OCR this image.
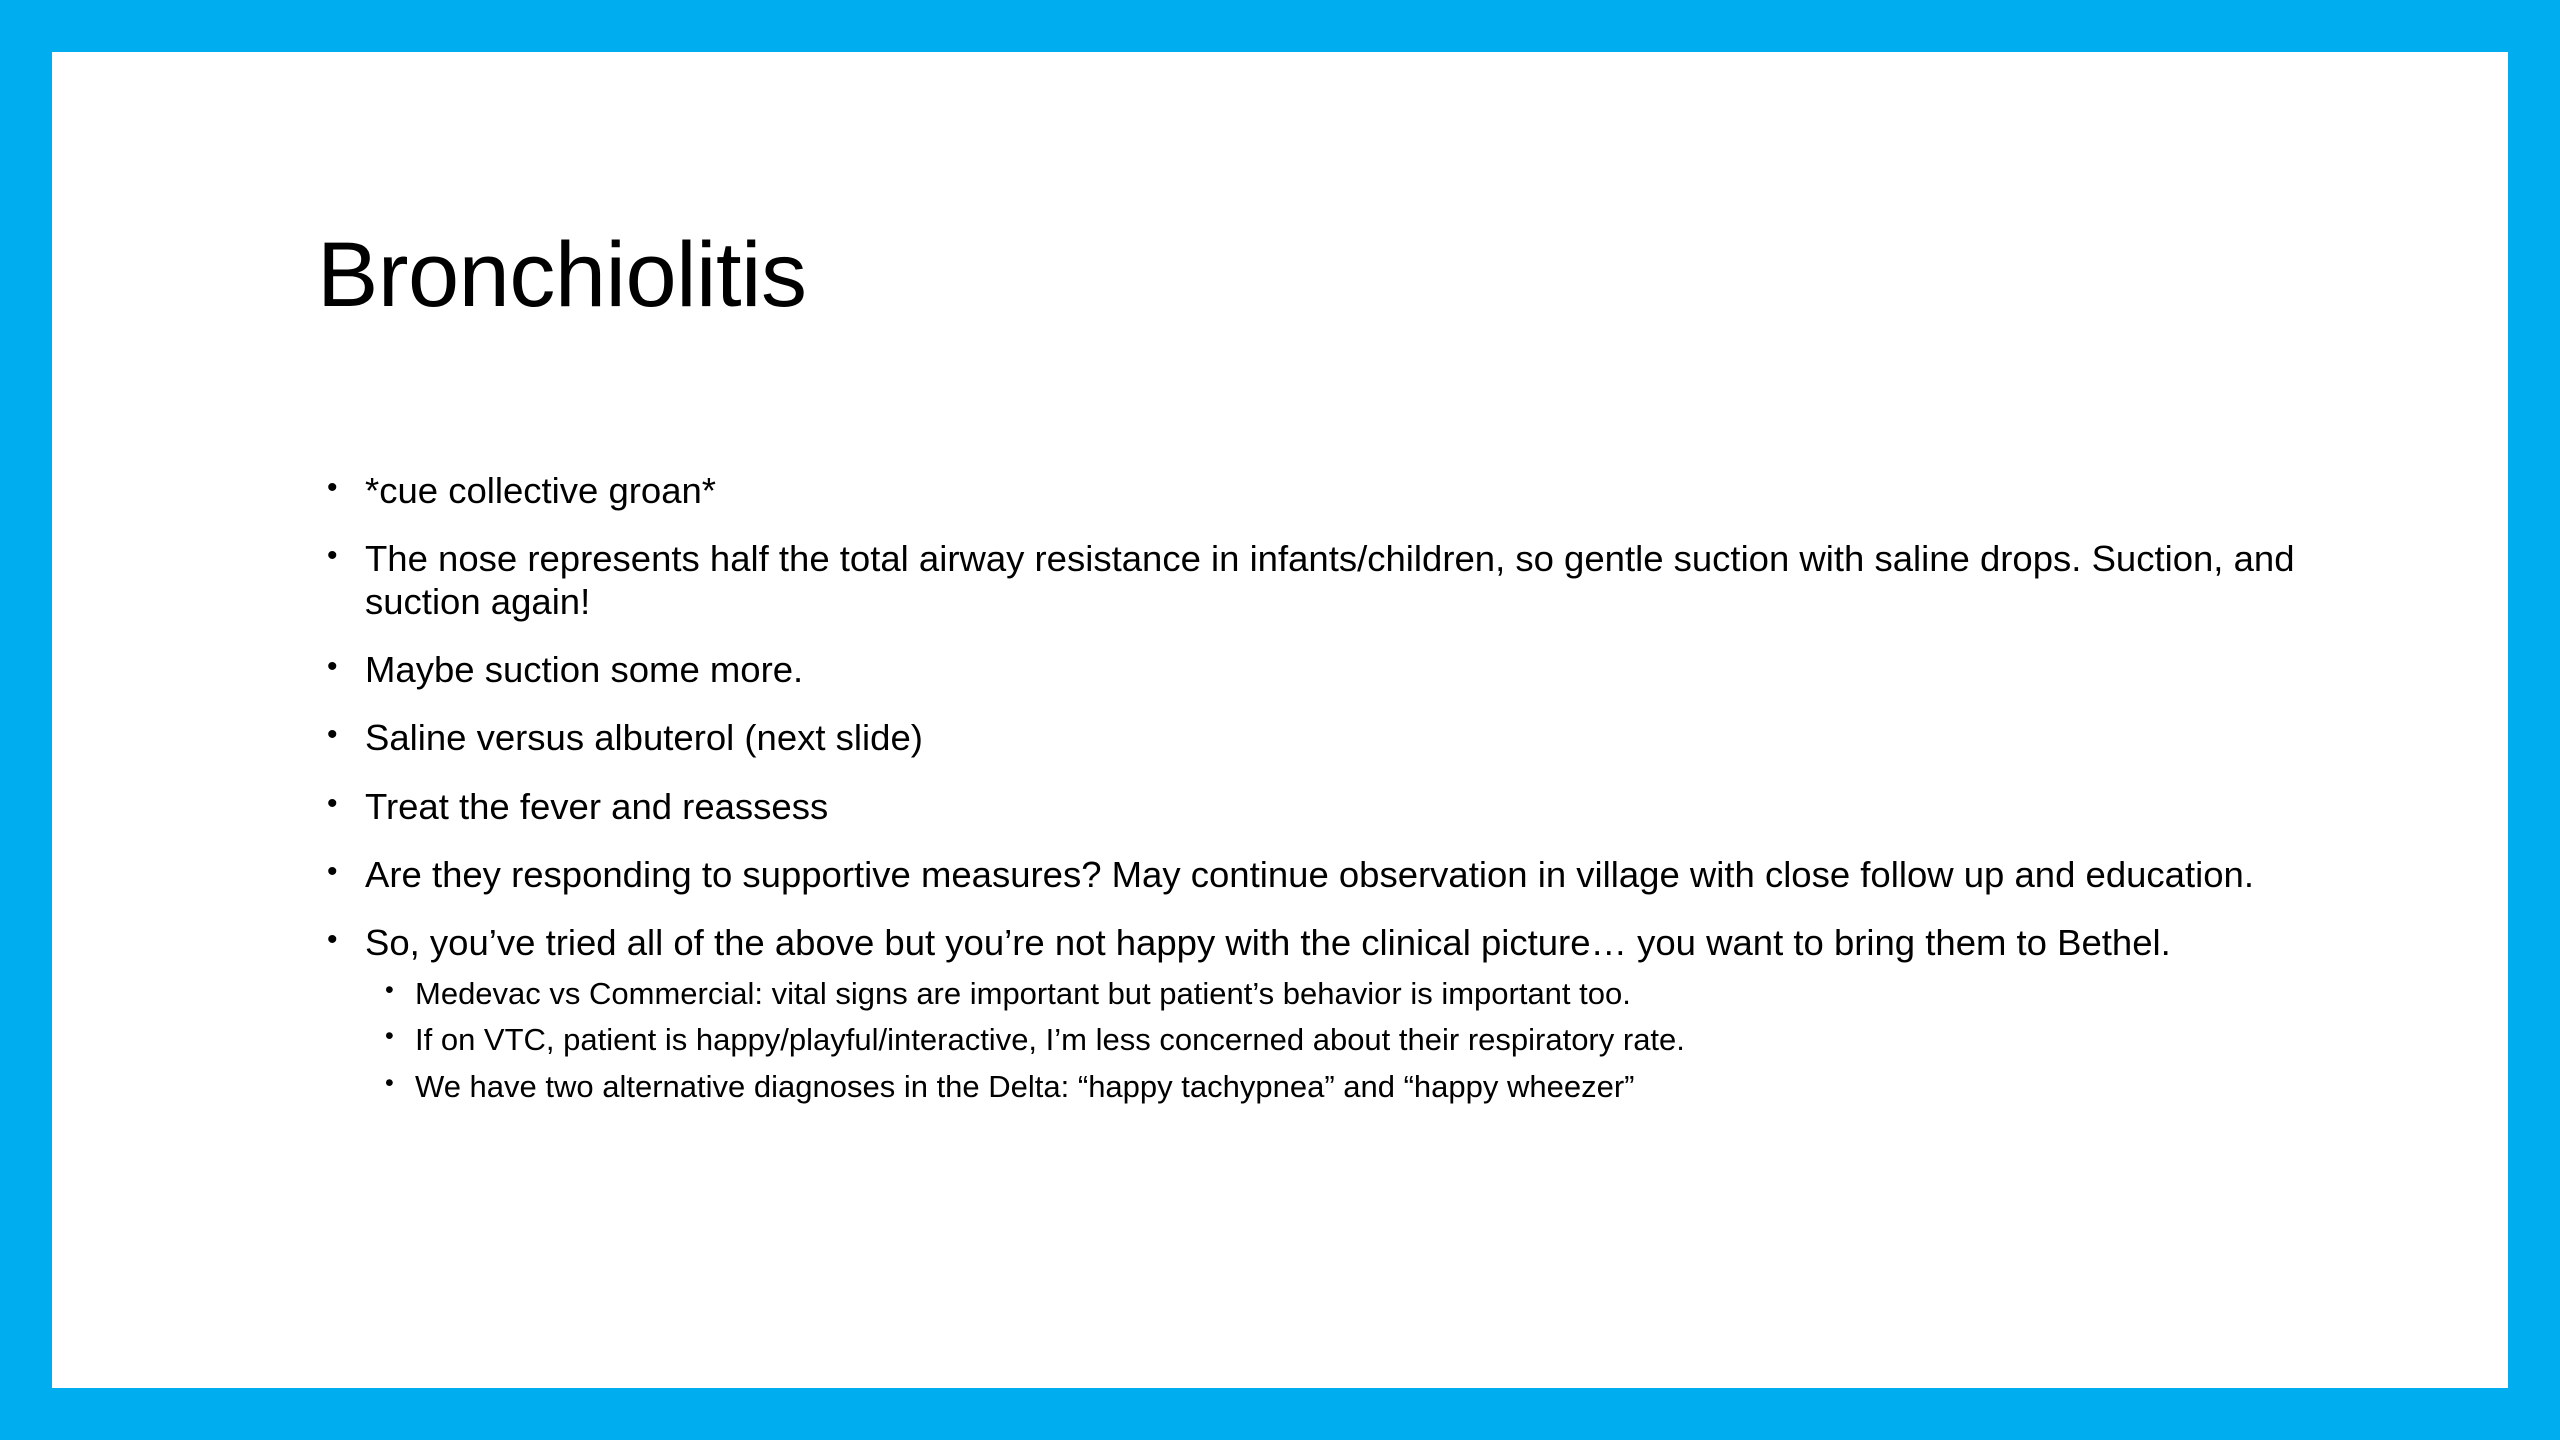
Bronchiolitis
• *cue collective groan*
• The nose represents half the total airway resistance in infants/children, so gentle suction with saline drops. Suction, and suction again!
• Maybe suction some more.
• Saline versus albuterol (next slide)
• Treat the fever and reassess
• Are they responding to supportive measures? May continue observation in village with close follow up and education.
• So, you’ve tried all of the above but you’re not happy with the clinical picture… you want to bring them to Bethel.
• Medevac vs Commercial: vital signs are important but patient’s behavior is important too.
• If on VTC, patient is happy/playful/interactive, I’m less concerned about their respiratory rate.
• We have two alternative diagnoses in the Delta: “happy tachypnea” and “happy wheezer”
